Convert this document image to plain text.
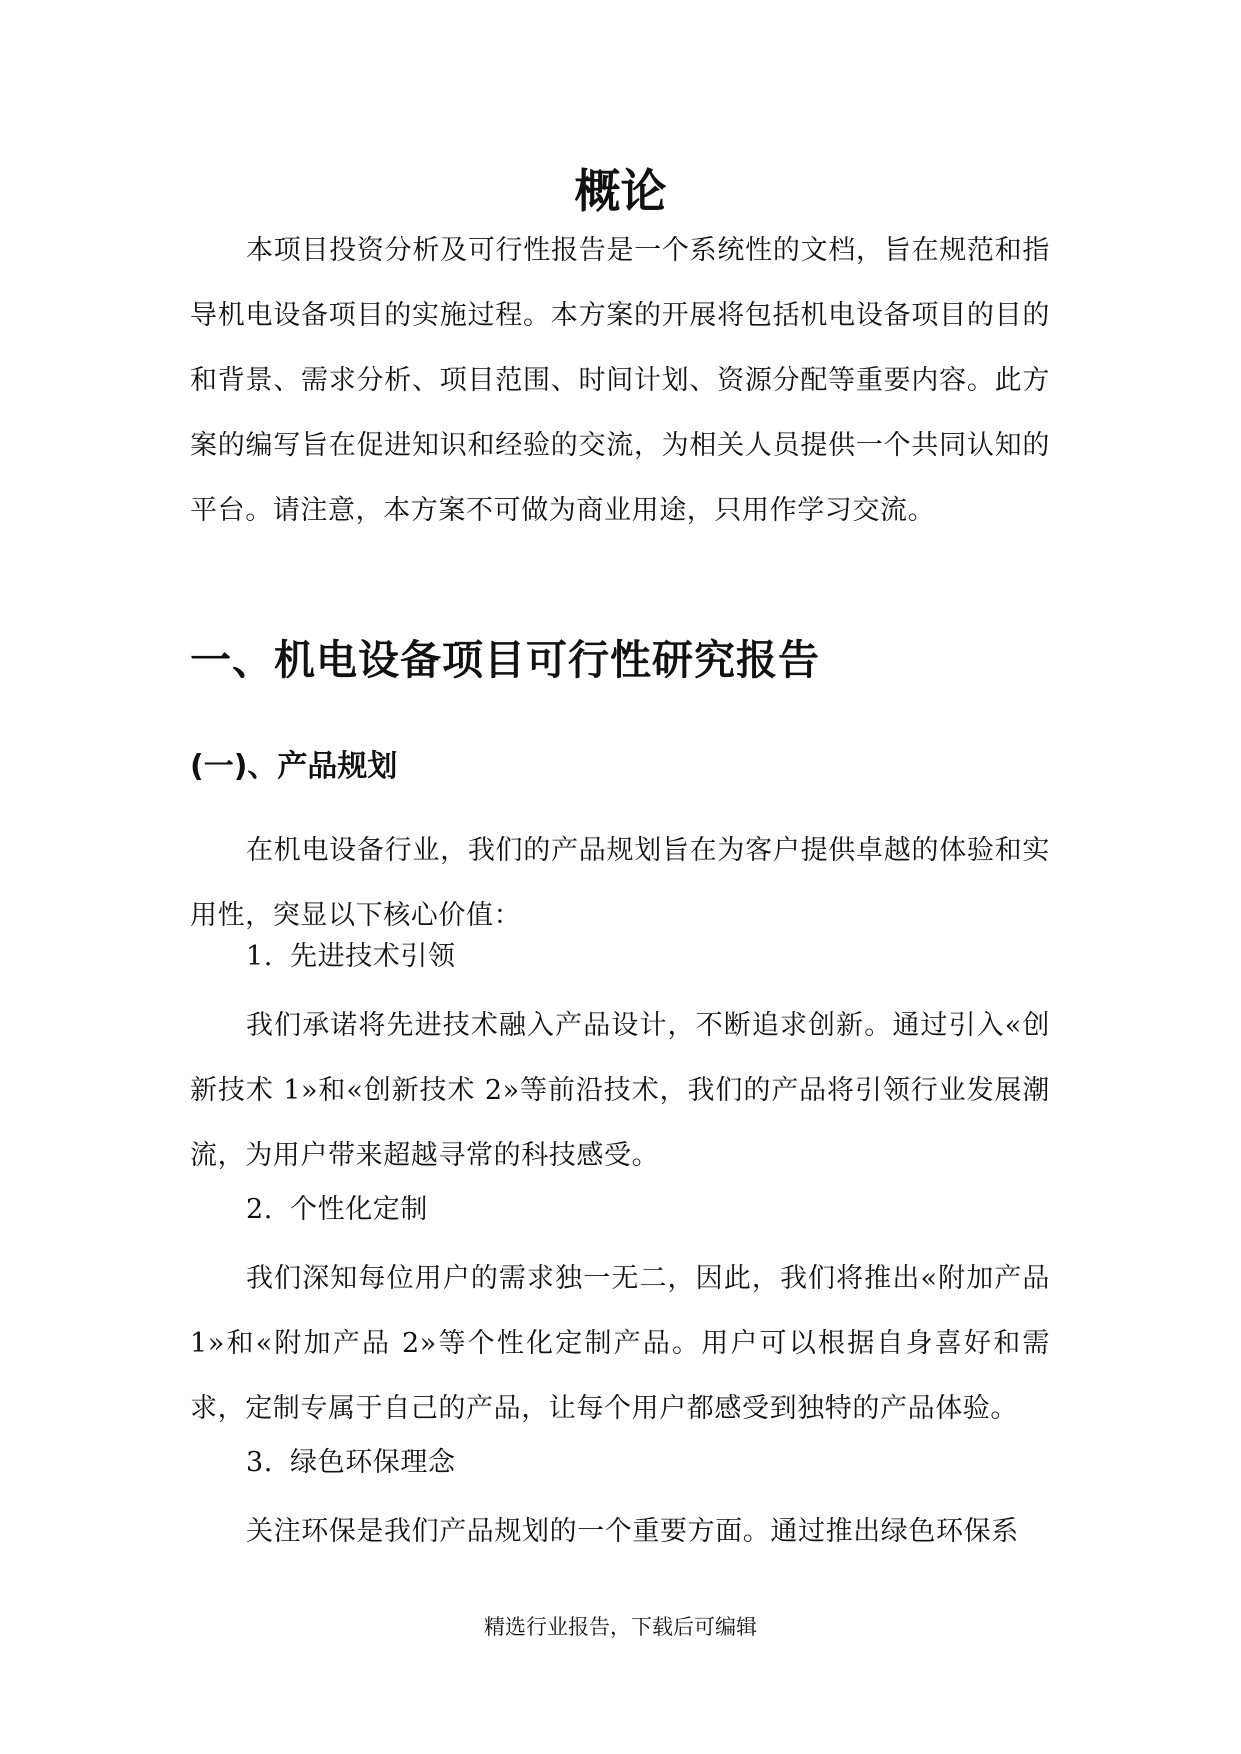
概论

本项目投资分析及可行性报告是一个系统性的文档，旨在规范和指导机电设备项目的实施过程。本方案的开展将包括机电设备项目的目的和背景、需求分析、项目范围、时间计划、资源分配等重要内容。此方案的编写旨在促进知识和经验的交流，为相关人员提供一个共同认知的平台。请注意，本方案不可做为商业用途，只用作学习交流。

一、机电设备项目可行性研究报告
(一)、产品规划

在机电设备行业，我们的产品规划旨在为客户提供卓越的体验和实用性，突显以下核心价值：

1. 先进技术引领

我们承诺将先进技术融入产品设计，不断追求创新。通过引入«创新技术 1»和«创新技术 2»等前沿技术，我们的产品将引领行业发展潮流，为用户带来超越寻常的科技感受。

2. 个性化定制

我们深知每位用户的需求独一无二，因此，我们将推出«附加产品 1»和«附加产品 2»等个性化定制产品。用户可以根据自身喜好和需求，定制专属于自己的产品，让每个用户都感受到独特的产品体验。

3. 绿色环保理念

关注环保是我们产品规划的一个重要方面。通过推出绿色环保系

精选行业报告，下载后可编辑
